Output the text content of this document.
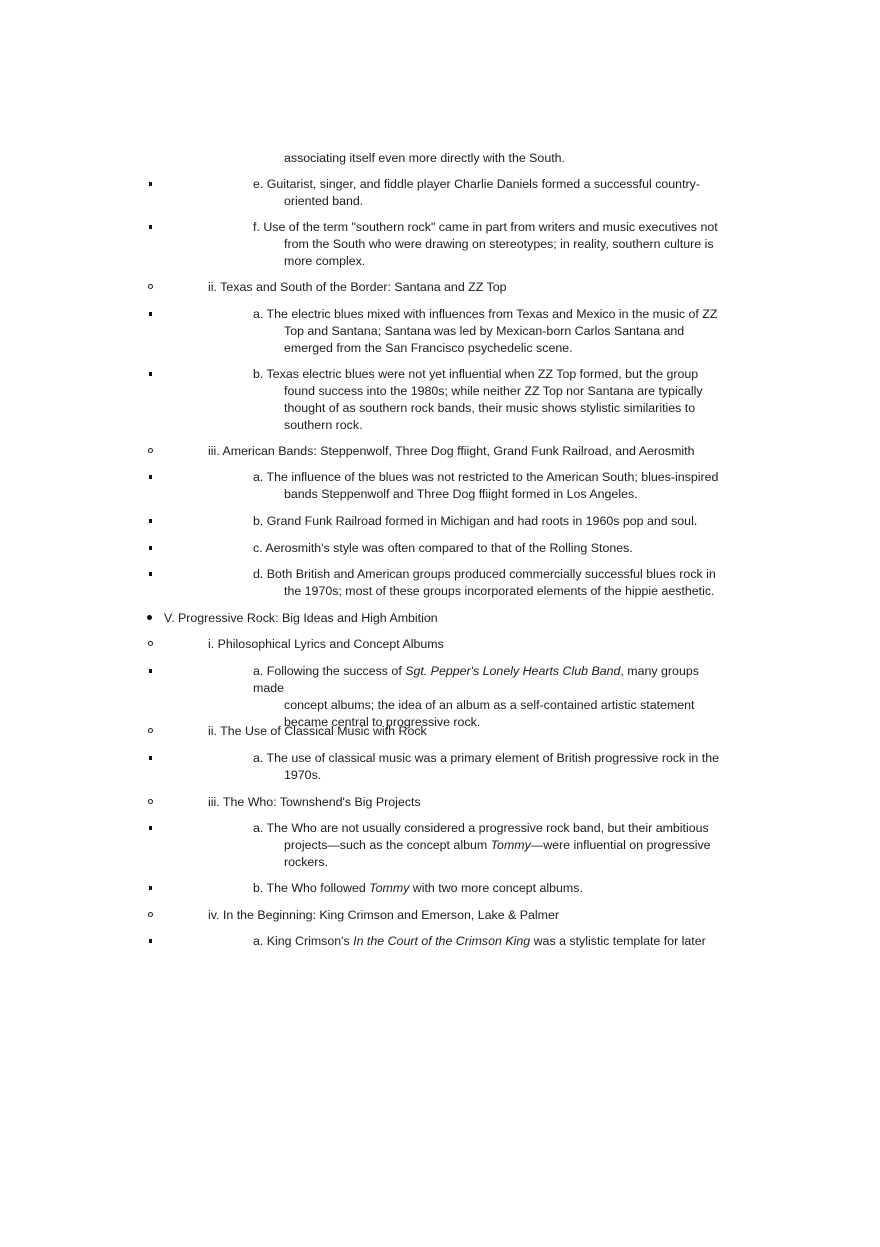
associating itself even more directly with the South.
e. Guitarist, singer, and fiddle player Charlie Daniels formed a successful country-
oriented band.
f. Use of the term "southern rock" came in part from writers and music executives not
from the South who were drawing on stereotypes; in reality, southern culture is
more complex.
ii. Texas and South of the Border: Santana and ZZ Top
a. The electric blues mixed with influences from Texas and Mexico in the music of ZZ
Top and Santana; Santana was led by Mexican-born Carlos Santana and
emerged from the San Francisco psychedelic scene.
b. Texas electric blues were not yet influential when ZZ Top formed, but the group
found success into the 1980s; while neither ZZ Top nor Santana are typically
thought of as southern rock bands, their music shows stylistic similarities to
southern rock.
iii. American Bands: Steppenwolf, Three Dog ffiight, Grand Funk Railroad, and Aerosmith
a. The influence of the blues was not restricted to the American South; blues-inspired
bands Steppenwolf and Three Dog ffiight formed in Los Angeles.
b. Grand Funk Railroad formed in Michigan and had roots in 1960s pop and soul.
c. Aerosmith's style was often compared to that of the Rolling Stones.
d. Both British and American groups produced commercially successful blues rock in
the 1970s; most of these groups incorporated elements of the hippie aesthetic.
V. Progressive Rock: Big Ideas and High Ambition
i. Philosophical Lyrics and Concept Albums
a. Following the success of Sgt. Pepper's Lonely Hearts Club Band, many groups made
concept albums; the idea of an album as a self-contained artistic statement
became central to progressive rock.
ii. The Use of Classical Music with Rock
a. The use of classical music was a primary element of British progressive rock in the
1970s.
iii. The Who: Townshend's Big Projects
a. The Who are not usually considered a progressive rock band, but their ambitious
projects—such as the concept album Tommy—were influential on progressive
rockers.
b. The Who followed Tommy with two more concept albums.
iv. In the Beginning: King Crimson and Emerson, Lake & Palmer
a. King Crimson's In the Court of the Crimson King was a stylistic template for later
